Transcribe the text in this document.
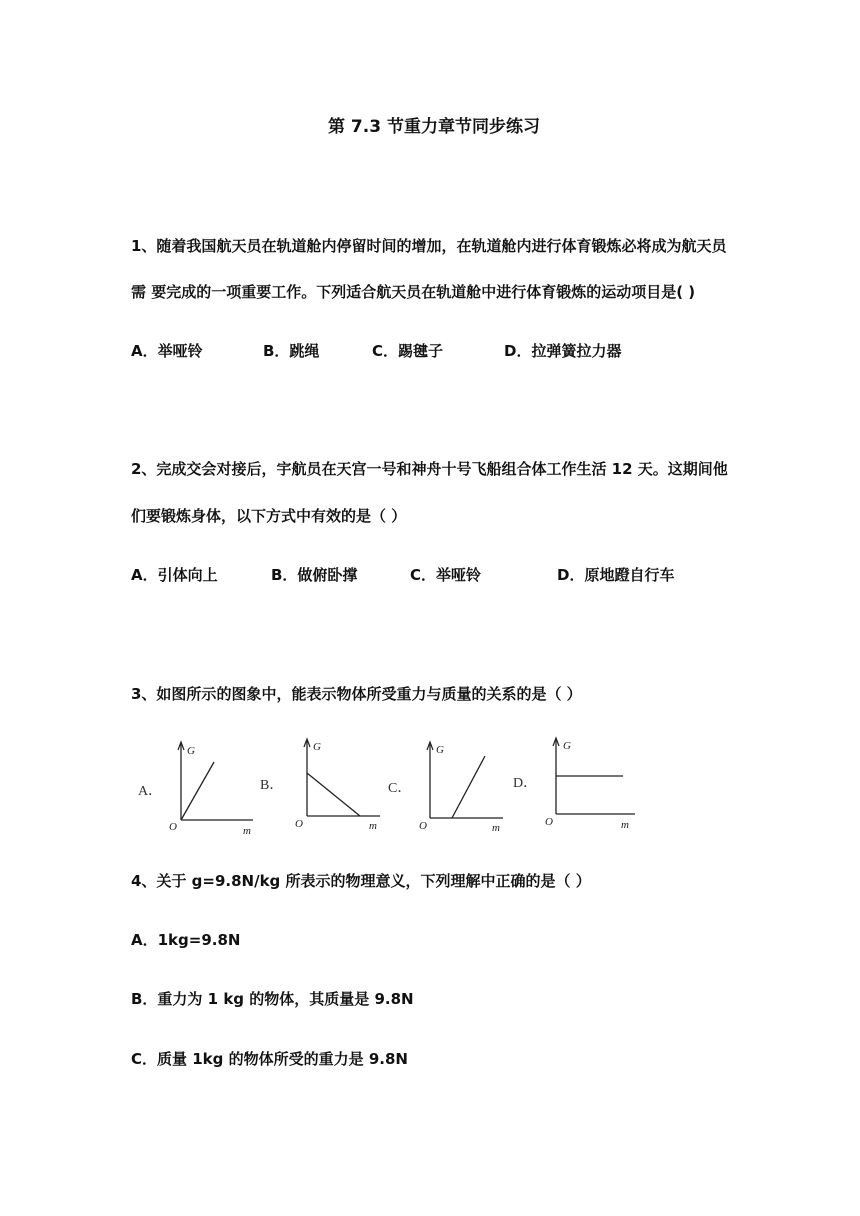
第 7.3 节重力章节同步练习
1、随着我国航天员在轨道舱内停留时间的增加，在轨道舱内进行体育锻炼必将成为航天员
需 要完成的一项重要工作。下列适合航天员在轨道舱中进行体育锻炼的运动项目是( )
A．举哑铃	B．跳绳	C．踢毽子	D．拉弹簧拉力器
2、完成交会对接后，宇航员在天宫一号和神舟十号飞船组合体工作生活 12 天。这期间他
们要锻炼身体，以下方式中有效的是（ ）
A．引体向上	B．做俯卧撑	C．举哑铃	D．原地蹬自行车
3、如图所示的图象中，能表示物体所受重力与质量的关系的是（ ）
A．
G
m
O
B．
G
m
O
C．
G
m
O
D．
G
m
O
4、关于 g=9.8N/kg 所表示的物理意义，下列理解中正确的是（ ）
A．1kg=9.8N
B．重力为 1 kg 的物体，其质量是 9.8N
C．质量 1kg 的物体所受的重力是 9.8N
